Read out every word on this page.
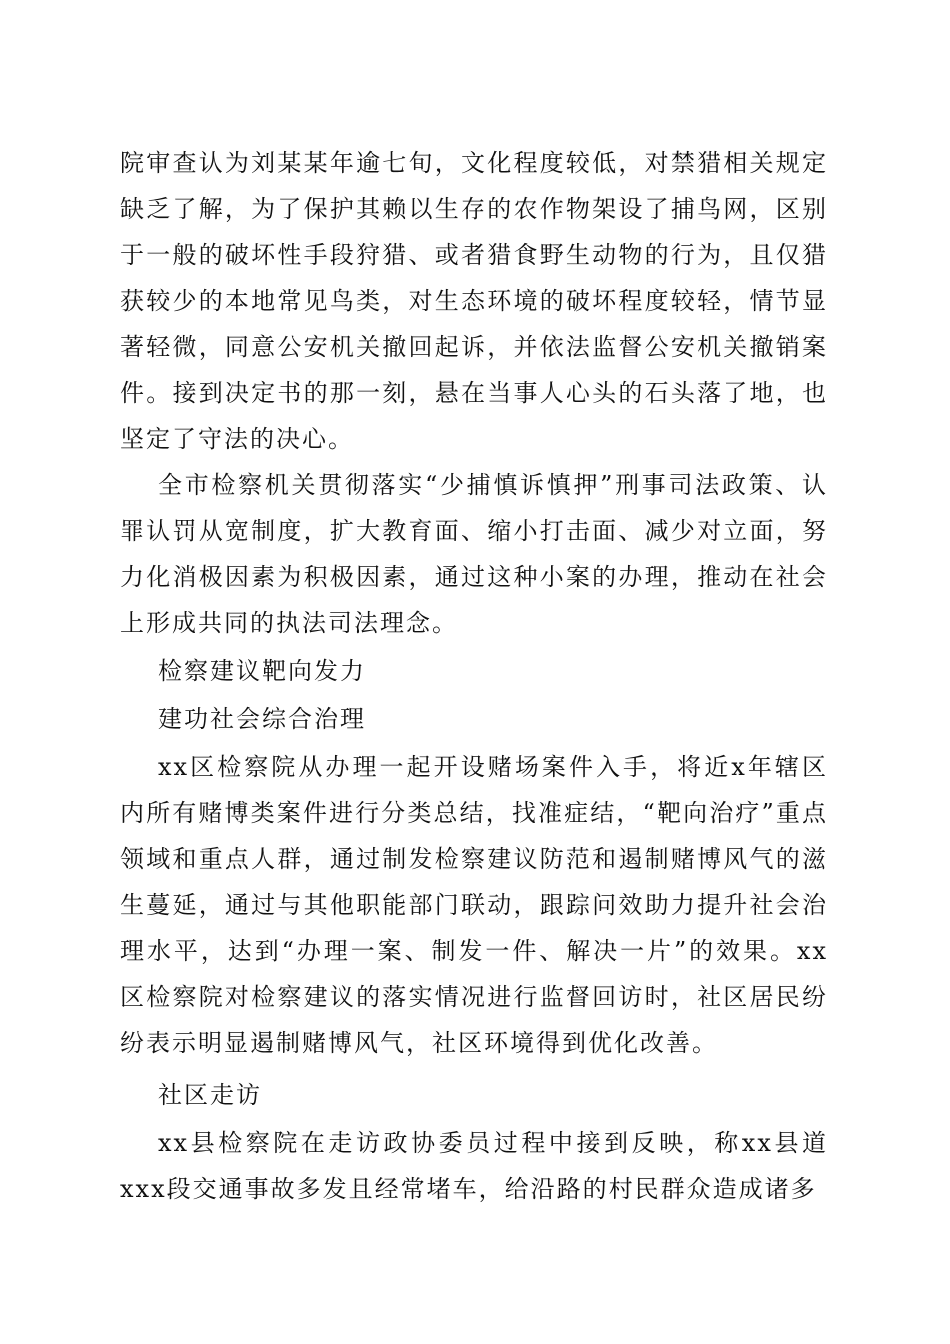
院审查认为刘某某年逾七旬，文化程度较低，对禁猎相关规定缺乏了解，为了保护其赖以生存的农作物架设了捕鸟网，区别于一般的破坏性手段狩猎、或者猎食野生动物的行为，且仅猎获较少的本地常见鸟类，对生态环境的破坏程度较轻，情节显著轻微，同意公安机关撤回起诉，并依法监督公安机关撤销案件。接到决定书的那一刻，悬在当事人心头的石头落了地，也坚定了守法的决心。

全市检察机关贯彻落实“少捕慎诉慎押”刑事司法政策、认罪认罚从宽制度，扩大教育面、缩小打击面、减少对立面，努力化消极因素为积极因素，通过这种小案的办理，推动在社会上形成共同的执法司法理念。

检察建议靶向发力

建功社会综合治理

xx区检察院从办理一起开设赌场案件入手，将近x年辖区内所有赌博类案件进行分类总结，找准症结，“靶向治疗”重点领域和重点人群，通过制发检察建议防范和遏制赌博风气的滋生蔓延，通过与其他职能部门联动，跟踪问效助力提升社会治理水平，达到“办理一案、制发一件、解决一片”的效果。xx区检察院对检察建议的落实情况进行监督回访时，社区居民纷纷表示明显遏制赌博风气，社区环境得到优化改善。

社区走访

xx县检察院在走访政协委员过程中接到反映，称xx县道xxx段交通事故多发且经常堵车，给沿路的村民群众造成诸多
